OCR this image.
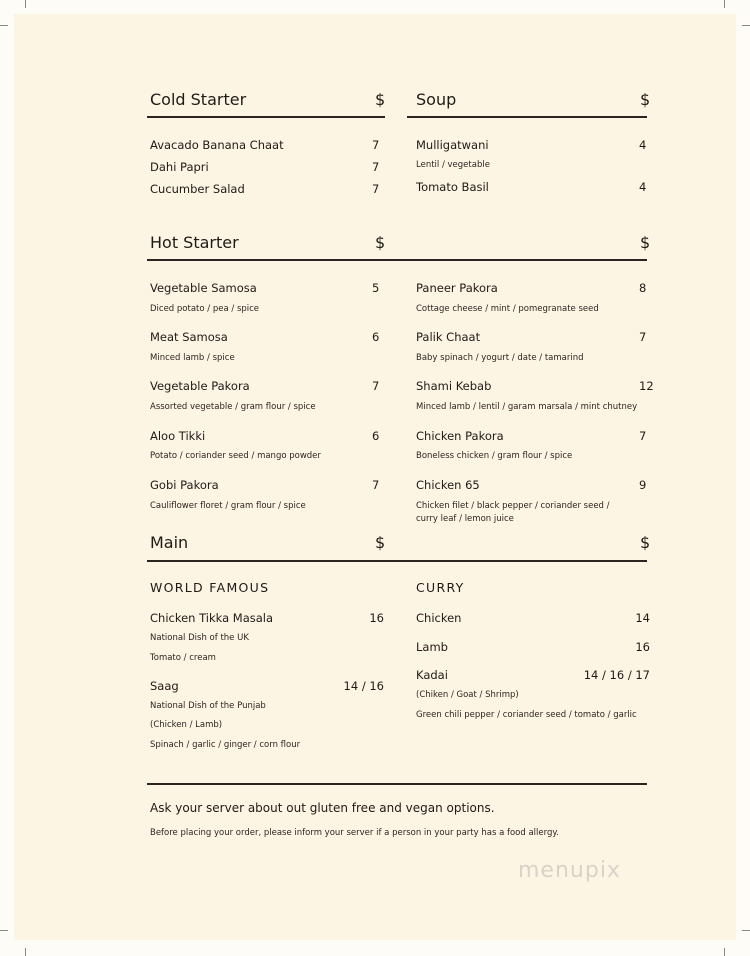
Cold Starter	$
Avacado Banana Chaat	7
Dahi Papri	7
Cucumber Salad	7
Soup	$
Mulligatwani	4
Lentil / vegetable
Tomato Basil	4
Hot Starter	$	$
Vegetable Samosa	5
Diced potato / pea / spice
Meat Samosa	6
Minced lamb / spice
Vegetable Pakora	7
Assorted vegetable / gram flour / spice
Aloo Tikki	6
Potato / coriander seed / mango powder
Gobi Pakora	7
Cauliflower floret / gram flour / spice
Paneer Pakora	8
Cottage cheese / mint / pomegranate seed
Palik Chaat	7
Baby spinach / yogurt / date / tamarind
Shami Kebab	12
Minced lamb / lentil / garam marsala / mint chutney
Chicken Pakora	7
Boneless chicken / gram flour / spice
Chicken 65	9
Chicken filet / black pepper / coriander seed /
curry leaf / lemon juice
Main	$	$
WORLD FAMOUS
Chicken Tikka Masala	16
National Dish of the UK
Tomato / cream
Saag	14 / 16
National Dish of the Punjab
(Chicken / Lamb)
Spinach / garlic / ginger / corn flour
CURRY
Chicken	14
Lamb	16
Kadai	14 / 16 / 17
(Chiken / Goat / Shrimp)
Green chili pepper / coriander seed / tomato / garlic
Ask your server about out gluten free and vegan options.
Before placing your order, please inform your server if a person in your party has a food allergy.
menupix
